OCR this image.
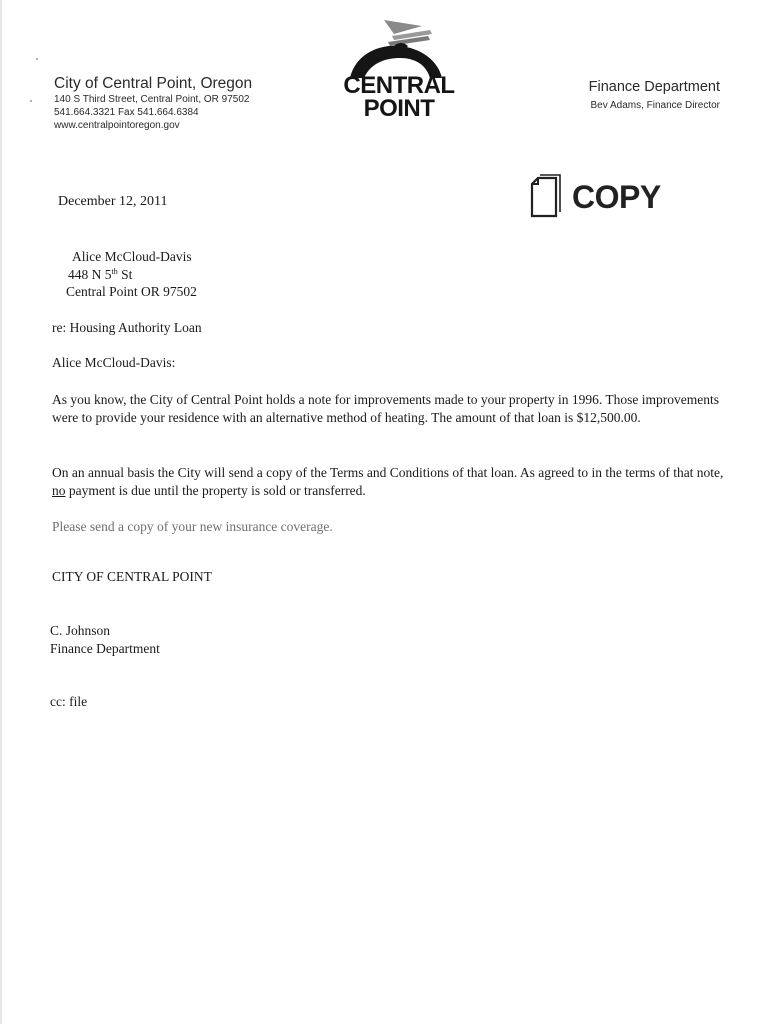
City of Central Point, Oregon
140 S Third Street, Central Point, OR 97502
541.664.3321 Fax 541.664.6384
www.centralpointoregon.gov
CENTRAL
POINT
Finance Department
Bev Adams, Finance Director
COPY
December 12, 2011
Alice McCloud-Davis
448 N 5th St
Central Point OR 97502
re: Housing Authority Loan
Alice McCloud-Davis:
As you know, the City of Central Point holds a note for improvements made to your property in 1996. Those improvements were to provide your residence with an alternative method of heating. The amount of that loan is $12,500.00.
On an annual basis the City will send a copy of the Terms and Conditions of that loan. As agreed to in the terms of that note, no payment is due until the property is sold or transferred.
Please send a copy of your new insurance coverage.
CITY OF CENTRAL POINT
C. Johnson
Finance Department
cc: file
